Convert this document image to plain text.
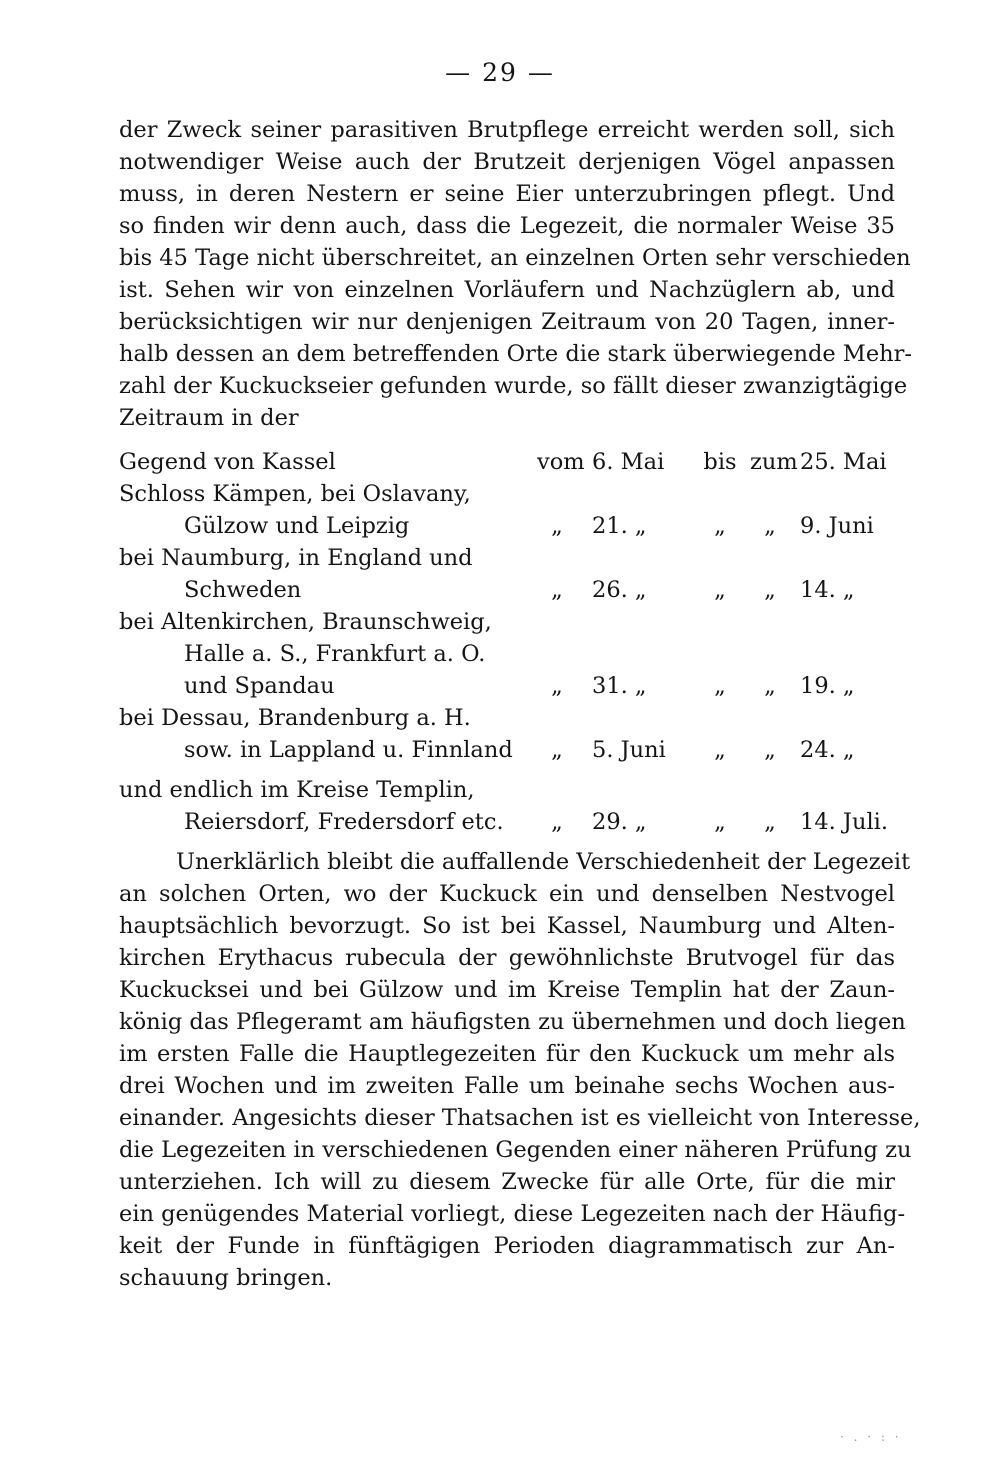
— 29 —
der Zweck seiner parasitiven Brutpflege erreicht werden soll, sich
notwendiger Weise auch der Brutzeit derjenigen Vögel anpassen
muss, in deren Nestern er seine Eier unterzubringen pflegt. Und
so finden wir denn auch, dass die Legezeit, die normaler Weise 35
bis 45 Tage nicht überschreitet, an einzelnen Orten sehr verschieden
ist. Sehen wir von einzelnen Vorläufern und Nachzüglern ab, und
berücksichtigen wir nur denjenigen Zeitraum von 20 Tagen, inner-
halb dessen an dem betreffenden Orte die stark überwiegende Mehr-
zahl der Kuckuckseier gefunden wurde, so fällt dieser zwanzigtägige
Zeitraum in der
Gegend von Kassel	vom 6. Mai	bis zum 25. Mai
Schloss Kämpen, bei Oslavany,
Gülzow und Leipzig	„	21. „	„	„	9. Juni
bei Naumburg, in England und
Schweden	„	26. „	„	„	14. „
bei Altenkirchen, Braunschweig,
Halle a. S., Frankfurt a. O.
und Spandau	„	31. „	„	„	19. „
bei Dessau, Brandenburg a. H.
sow. in Lappland u. Finnland	„	5. Juni	„	„	24. „
und endlich im Kreise Templin,
Reiersdorf, Fredersdorf etc.	„	29. „	„	„	14. Juli.
Unerklärlich bleibt die auffallende Verschiedenheit der Legezeit
an solchen Orten, wo der Kuckuck ein und denselben Nestvogel
hauptsächlich bevorzugt. So ist bei Kassel, Naumburg und Alten-
kirchen Erythacus rubecula der gewöhnlichste Brutvogel für das
Kuckucksei und bei Gülzow und im Kreise Templin hat der Zaun-
könig das Pflegeramt am häufigsten zu übernehmen und doch liegen
im ersten Falle die Hauptlegezeiten für den Kuckuck um mehr als
drei Wochen und im zweiten Falle um beinahe sechs Wochen aus-
einander. Angesichts dieser Thatsachen ist es vielleicht von Interesse,
die Legezeiten in verschiedenen Gegenden einer näheren Prüfung zu
unterziehen. Ich will zu diesem Zwecke für alle Orte, für die mir
ein genügendes Material vorliegt, diese Legezeiten nach der Häufig-
keit der Funde in fünftägigen Perioden diagrammatisch zur An-
schauung bringen.
· . · : ·
